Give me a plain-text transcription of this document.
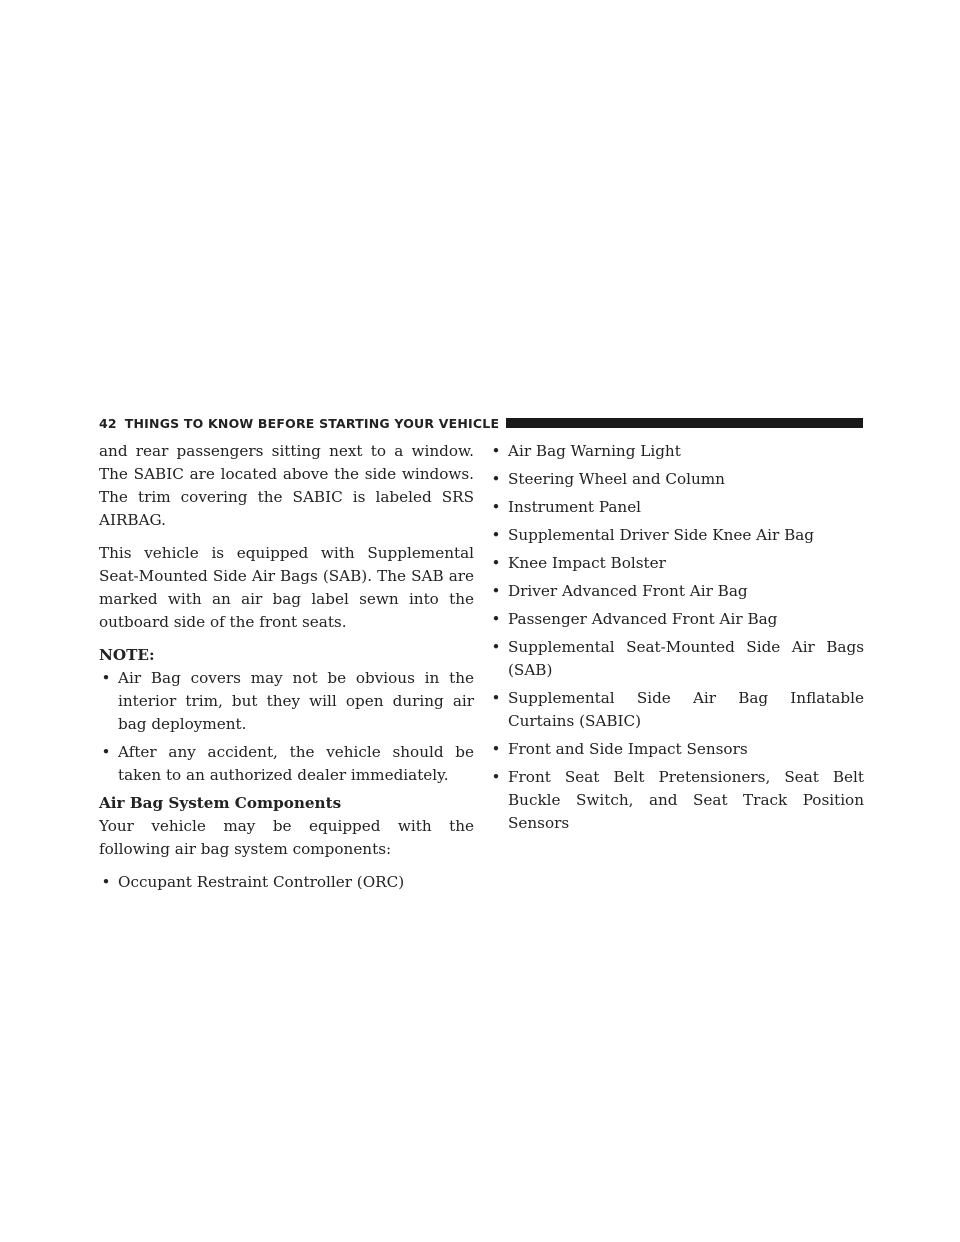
42 THINGS TO KNOW BEFORE STARTING YOUR VEHICLE

and rear passengers sitting next to a window. The SABIC are located above the side windows. The trim covering the SABIC is labeled SRS AIRBAG.

This vehicle is equipped with Supplemental Seat-Mounted Side Air Bags (SAB). The SAB are marked with an air bag label sewn into the outboard side of the front seats.

NOTE:
• Air Bag covers may not be obvious in the interior trim, but they will open during air bag deployment.
• After any accident, the vehicle should be taken to an authorized dealer immediately.
Air Bag System Components

Your vehicle may be equipped with the following air bag system components:

• Occupant Restraint Controller (ORC)
• Air Bag Warning Light
• Steering Wheel and Column
• Instrument Panel
• Supplemental Driver Side Knee Air Bag
• Knee Impact Bolster
• Driver Advanced Front Air Bag
• Passenger Advanced Front Air Bag
• Supplemental Seat-Mounted Side Air Bags (SAB)
• Supplemental Side Air Bag Inflatable Curtains (SABIC)
• Front and Side Impact Sensors
• Front Seat Belt Pretensioners, Seat Belt Buckle Switch, and Seat Track Position Sensors
